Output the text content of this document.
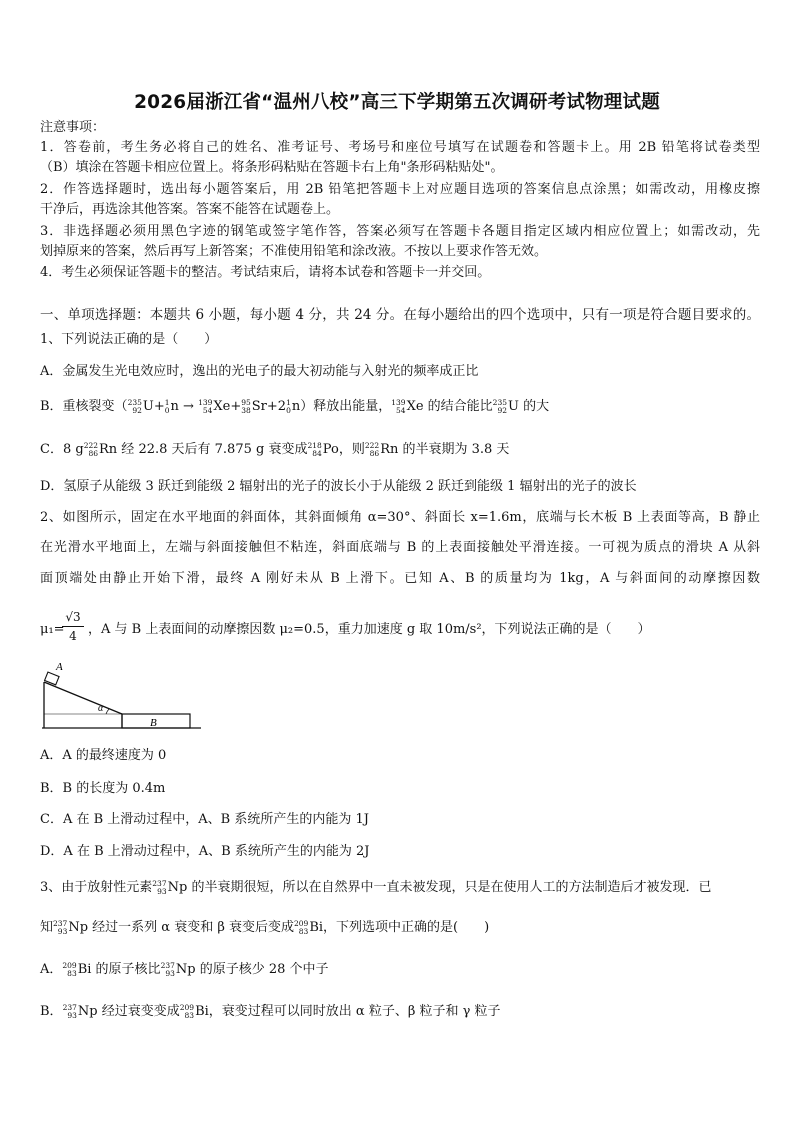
2026届浙江省“温州八校”高三下学期第五次调研考试物理试题
注意事项：
1．答卷前，考生务必将自己的姓名、准考证号、考场号和座位号填写在试题卷和答题卡上。用 2B 铅笔将试卷类型
（B）填涂在答题卡相应位置上。将条形码粘贴在答题卡右上角"条形码粘贴处"。
2．作答选择题时，选出每小题答案后，用 2B 铅笔把答题卡上对应题目选项的答案信息点涂黑；如需改动，用橡皮擦
干净后，再选涂其他答案。答案不能答在试题卷上。
3．非选择题必须用黑色字迹的钢笔或签字笔作答，答案必须写在答题卡各题目指定区域内相应位置上；如需改动，先
划掉原来的答案，然后再写上新答案；不准使用铅笔和涂改液。不按以上要求作答无效。
4．考生必须保证答题卡的整洁。考试结束后，请将本试卷和答题卡一并交回。
一、单项选择题：本题共 6 小题，每小题 4 分，共 24 分。在每小题给出的四个选项中，只有一项是符合题目要求的。
1、下列说法正确的是（　　）
A．金属发生光电效应时，逸出的光电子的最大初动能与入射光的频率成正比
B．重核裂变（ 235
92 U+ 1
0 n → 139
54 Xe+ 95
38 Sr+2 1
0 n）释放出能量， 139
54 Xe 的结合能比 235
92 U 的大
C．8 g 222
86 Rn 经 22.8 天后有 7.875 g 衰变成 218
84 Po，则 222
86 Rn 的半衰期为 3.8 天
D．氢原子从能级 3 跃迁到能级 2 辐射出的光子的波长小于从能级 2 跃迁到能级 1 辐射出的光子的波长
2、如图所示，固定在水平地面的斜面体，其斜面倾角 α=30°、斜面长 x=1.6m，底端与长木板 B 上表面等高，B 静止
在光滑水平地面上，左端与斜面接触但不粘连，斜面底端与 B 的上表面接触处平滑连接。一可视为质点的滑块 A 从斜
面顶端处由静止开始下滑，最终 A 刚好未从 B 上滑下。已知 A、B 的质量均为 1kg，A 与斜面间的动摩擦因数
μ₁=
$\frac{√3}{4}$ ，A 与 B 上表面间的动摩擦因数 μ₂=0.5，重力加速度 g 取 10m/s²，下列说法正确的是（　　）
A
α
B
A．A 的最终速度为 0
B．B 的长度为 0.4m
C．A 在 B 上滑动过程中，A、B 系统所产生的内能为 1J
D．A 在 B 上滑动过程中，A、B 系统所产生的内能为 2J
3、由于放射性元素 237
93 Np 的半衰期很短，所以在自然界中一直未被发现，只是在使用人工的方法制造后才被发现．已
知 237
93 Np 经过一系列 α 衰变和 β 衰变后变成 209
83 Bi，下列选项中正确的是(　　)
A． 209
83 Bi 的原子核比 237
93 Np 的原子核少 28 个中子
B． 237
93 Np 经过衰变变成 209
83 Bi，衰变过程可以同时放出 α 粒子、β 粒子和 γ 粒子
